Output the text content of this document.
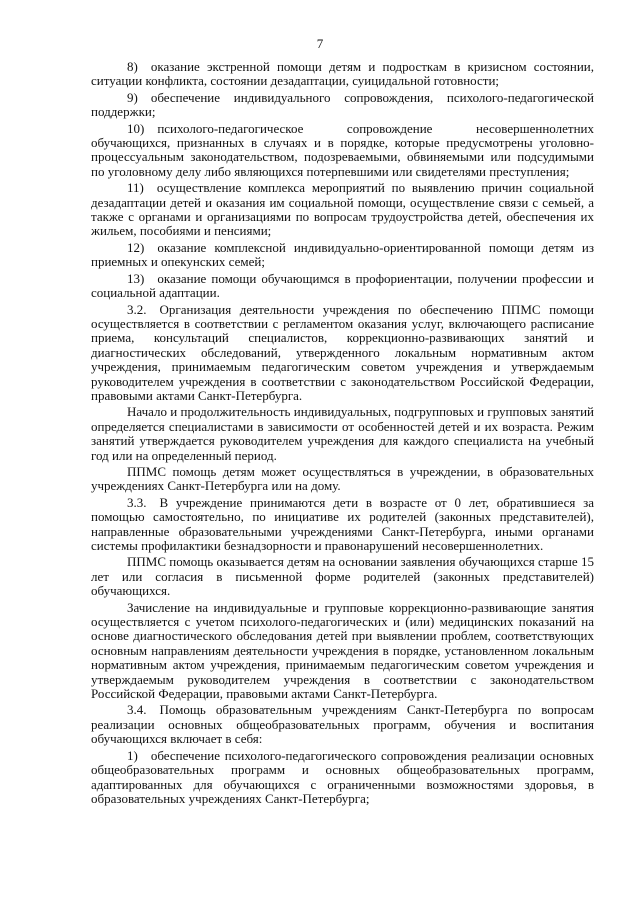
7

8) оказание экстренной помощи детям и подросткам в кризисном состоянии, ситуации конфликта, состоянии дезадаптации, суицидальной готовности;

9) обеспечение индивидуального сопровождения, психолого-педагогической поддержки;

10) психолого-педагогическое сопровождение несовершеннолетних обучающихся, признанных в случаях и в порядке, которые предусмотрены уголовно-процессуальным законодательством, подозреваемыми, обвиняемыми или подсудимыми по уголовному делу либо являющихся потерпевшими или свидетелями преступления;

11) осуществление комплекса мероприятий по выявлению причин социальной дезадаптации детей и оказания им социальной помощи, осуществление связи с семьей, а также с органами и организациями по вопросам трудоустройства детей, обеспечения их жильем, пособиями и пенсиями;

12) оказание комплексной индивидуально-ориентированной помощи детям из приемных и опекунских семей;

13) оказание помощи обучающимся в профориентации, получении профессии и социальной адаптации.

3.2. Организация деятельности учреждения по обеспечению ППМС помощи осуществляется в соответствии с регламентом оказания услуг, включающего расписание приема, консультаций специалистов, коррекционно-развивающих занятий и диагностических обследований, утвержденного локальным нормативным актом учреждения, принимаемым педагогическим советом учреждения и утверждаемым руководителем учреждения в соответствии с законодательством Российской Федерации, правовыми актами Санкт-Петербурга.

Начало и продолжительность индивидуальных, подгрупповых и групповых занятий определяется специалистами в зависимости от особенностей детей и их возраста. Режим занятий утверждается руководителем учреждения для каждого специалиста на учебный год или на определенный период.

ППМС помощь детям может осуществляться в учреждении, в образовательных учреждениях Санкт-Петербурга или на дому.

3.3. В учреждение принимаются дети в возрасте от 0 лет, обратившиеся за помощью самостоятельно, по инициативе их родителей (законных представителей), направленные образовательными учреждениями Санкт-Петербурга, иными органами системы профилактики безнадзорности и правонарушений несовершеннолетних.

ППМС помощь оказывается детям на основании заявления обучающихся старше 15 лет или согласия в письменной форме родителей (законных представителей) обучающихся.

Зачисление на индивидуальные и групповые коррекционно-развивающие занятия осуществляется с учетом психолого-педагогических и (или) медицинских показаний на основе диагностического обследования детей при выявлении проблем, соответствующих основным направлениям деятельности учреждения в порядке, установленном локальным нормативным актом учреждения, принимаемым педагогическим советом учреждения и утверждаемым руководителем учреждения в соответствии с законодательством Российской Федерации, правовыми актами Санкт-Петербурга.

3.4. Помощь образовательным учреждениям Санкт-Петербурга по вопросам реализации основных общеобразовательных программ, обучения и воспитания обучающихся включает в себя:

1) обеспечение психолого-педагогического сопровождения реализации основных общеобразовательных программ и основных общеобразовательных программ, адаптированных для обучающихся с ограниченными возможностями здоровья, в образовательных учреждениях Санкт-Петербурга;
